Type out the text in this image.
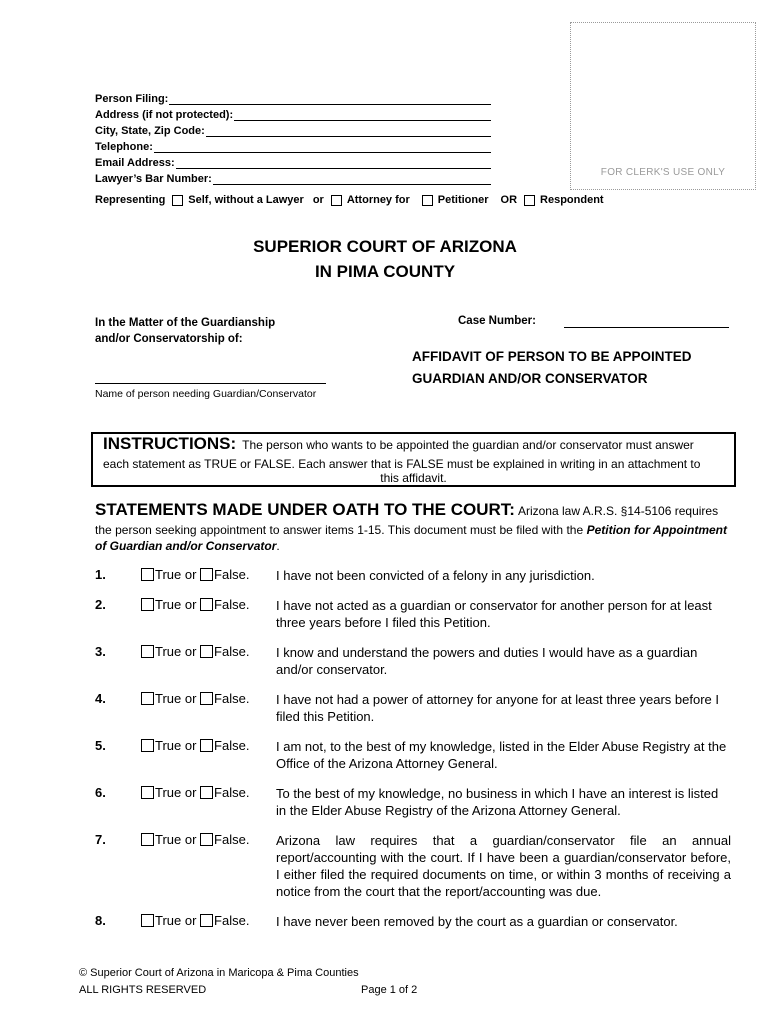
FOR CLERK'S USE ONLY
Person Filing:
Address (if not protected):
City, State, Zip Code:
Telephone:
Email Address:
Lawyer’s Bar Number:
Representing Self, without a Lawyer or Attorney for	Petitioner OR Respondent
SUPERIOR COURT OF ARIZONA
IN PIMA COUNTY
In the Matter of the Guardianship
and/or Conservatorship of:
Case Number:
AFFIDAVIT OF PERSON TO BE APPOINTED
GUARDIAN AND/OR CONSERVATOR
Name of person needing Guardian/Conservator
INSTRUCTIONS: The person who wants to be appointed the guardian and/or conservator must answer
each statement as TRUE or FALSE. Each answer that is FALSE must be explained in writing in an attachment to
this affidavit.
STATEMENTS MADE UNDER OATH TO THE COURT: Arizona law A.R.S. §14-5106 requires
the person seeking appointment to answer items 1-15. This document must be filed with the Petition for Appointment of Guardian and/or Conservator.
1.	True or False. I have not been convicted of a felony in any jurisdiction.
2.	True or False. I have not acted as a guardian or conservator for another person for at least three years before I filed this Petition.
3.	True or False. I know and understand the powers and duties I would have as a guardian and/or conservator.
4.	True or False. I have not had a power of attorney for anyone for at least three years before I filed this Petition.
5.	True or False. I am not, to the best of my knowledge, listed in the Elder Abuse Registry at the Office of the Arizona Attorney General.
6.	True or False. To the best of my knowledge, no business in which I have an interest is listed in the Elder Abuse Registry of the Arizona Attorney General.
7.	True or False. Arizona law requires that a guardian/conservator file an annual report/accounting with the court. If I have been a guardian/conservator before, I either filed the required documents on time, or within 3 months of receiving a notice from the court that the report/accounting was due.
8.	True or False. I have never been removed by the court as a guardian or conservator.
© Superior Court of Arizona in Maricopa & Pima Counties
ALL RIGHTS RESERVED	Page 1 of 2
